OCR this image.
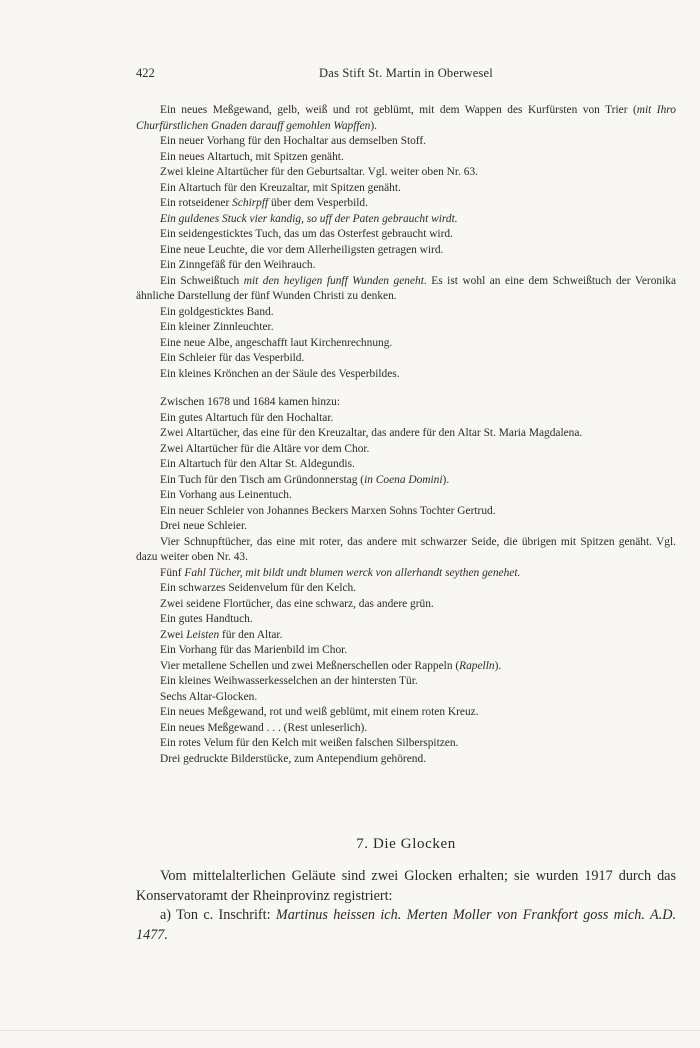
422	Das Stift St. Martin in Oberwesel

Ein neues Meßgewand, gelb, weiß und rot geblümt, mit dem Wappen des Kurfürsten von Trier (mit Ihro Churfürstlichen Gnaden darauff gemohlen Wapffen).

Ein neuer Vorhang für den Hochaltar aus demselben Stoff.

Ein neues Altartuch, mit Spitzen genäht.

Zwei kleine Altartücher für den Geburtsaltar. Vgl. weiter oben Nr. 63.

Ein Altartuch für den Kreuzaltar, mit Spitzen genäht.

Ein rotseidener Schirpff über dem Vesperbild.

Ein guldenes Stuck vier kandig, so uff der Paten gebraucht wirdt.

Ein seidengesticktes Tuch, das um das Osterfest gebraucht wird.

Eine neue Leuchte, die vor dem Allerheiligsten getragen wird.

Ein Zinngefäß für den Weihrauch.

Ein Schweißtuch mit den heyligen funff Wunden geneht. Es ist wohl an eine dem Schweißtuch der Veronika ähnliche Darstellung der fünf Wunden Christi zu denken.

Ein goldgesticktes Band.

Ein kleiner Zinnleuchter.

Eine neue Albe, angeschafft laut Kirchenrechnung.

Ein Schleier für das Vesperbild.

Ein kleines Krönchen an der Säule des Vesperbildes.

Zwischen 1678 und 1684 kamen hinzu:

Ein gutes Altartuch für den Hochaltar.

Zwei Altartücher, das eine für den Kreuzaltar, das andere für den Altar St. Maria Magdalena.

Zwei Altartücher für die Altäre vor dem Chor.

Ein Altartuch für den Altar St. Aldegundis.

Ein Tuch für den Tisch am Gründonnerstag (in Coena Domini).

Ein Vorhang aus Leinentuch.

Ein neuer Schleier von Johannes Beckers Marxen Sohns Tochter Gertrud.

Drei neue Schleier.

Vier Schnupftücher, das eine mit roter, das andere mit schwarzer Seide, die übrigen mit Spitzen genäht. Vgl. dazu weiter oben Nr. 43.

Fünf Fahl Tücher, mit bildt undt blumen werck von allerhandt seythen genehet.

Ein schwarzes Seidenvelum für den Kelch.

Zwei seidene Flortücher, das eine schwarz, das andere grün.

Ein gutes Handtuch.

Zwei Leisten für den Altar.

Ein Vorhang für das Marienbild im Chor.

Vier metallene Schellen und zwei Meßnerschellen oder Rappeln (Rapelln).

Ein kleines Weihwasserkesselchen an der hintersten Tür.

Sechs Altar-Glocken.

Ein neues Meßgewand, rot und weiß geblümt, mit einem roten Kreuz.

Ein neues Meßgewand . . . (Rest unleserlich).

Ein rotes Velum für den Kelch mit weißen falschen Silberspitzen.

Drei gedruckte Bilderstücke, zum Antependium gehörend.

7. Die Glocken

Vom mittelalterlichen Geläute sind zwei Glocken erhalten; sie wurden 1917 durch das Konservatoramt der Rheinprovinz registriert:

a) Ton c. Inschrift: Martinus heissen ich. Merten Moller von Frankfort goss mich. A.D. 1477.
